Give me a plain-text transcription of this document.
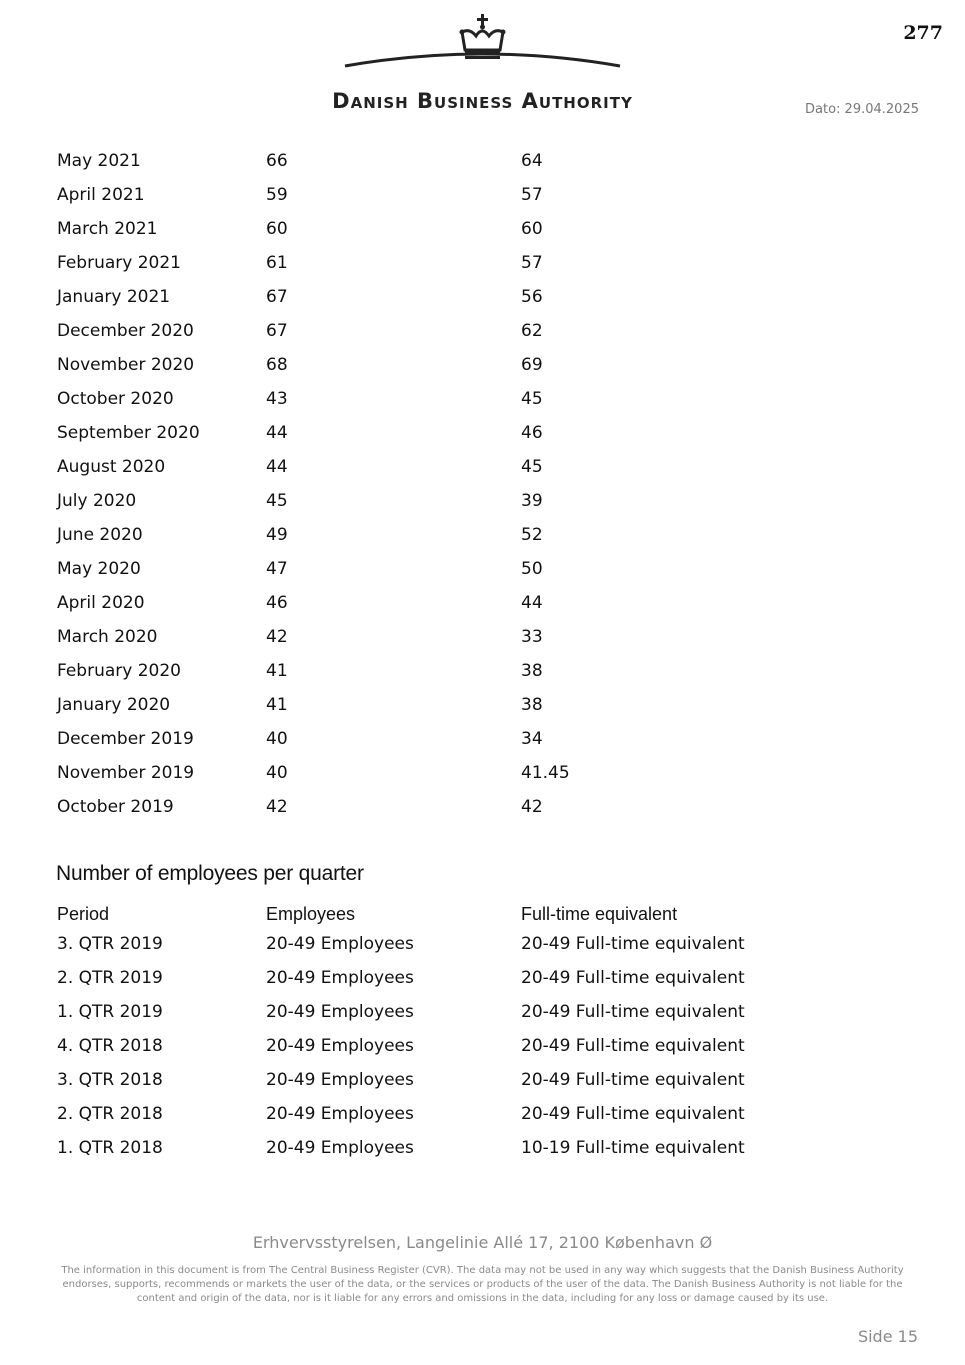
277
Danish Business Authority	Dato: 29.04.2025
May 2021	66	64
April 2021	59	57
March 2021	60	60
February 2021	61	57
January 2021	67	56
December 2020	67	62
November 2020	68	69
October 2020	43	45
September 2020	44	46
August 2020	44	45
July 2020	45	39
June 2020	49	52
May 2020	47	50
April 2020	46	44
March 2020	42	33
February 2020	41	38
January 2020	41	38
December 2019	40	34
November 2019	40	41.45
October 2019	42	42
Number of employees per quarter
Period	Employees	Full-time equivalent
3. QTR 2019	20-49 Employees	20-49 Full-time equivalent
2. QTR 2019	20-49 Employees	20-49 Full-time equivalent
1. QTR 2019	20-49 Employees	20-49 Full-time equivalent
4. QTR 2018	20-49 Employees	20-49 Full-time equivalent
3. QTR 2018	20-49 Employees	20-49 Full-time equivalent
2. QTR 2018	20-49 Employees	20-49 Full-time equivalent
1. QTR 2018	20-49 Employees	10-19 Full-time equivalent
Erhvervsstyrelsen, Langelinie Allé 17, 2100 København Ø
The information in this document is from The Central Business Register (CVR). The data may not be used in any way which suggests that the Danish Business Authority endorses, supports, recommends or markets the user of the data, or the services or products of the user of the data. The Danish Business Authority is not liable for the content and origin of the data, nor is it liable for any errors and omissions in the data, including for any loss or damage caused by its use.
Side 15
